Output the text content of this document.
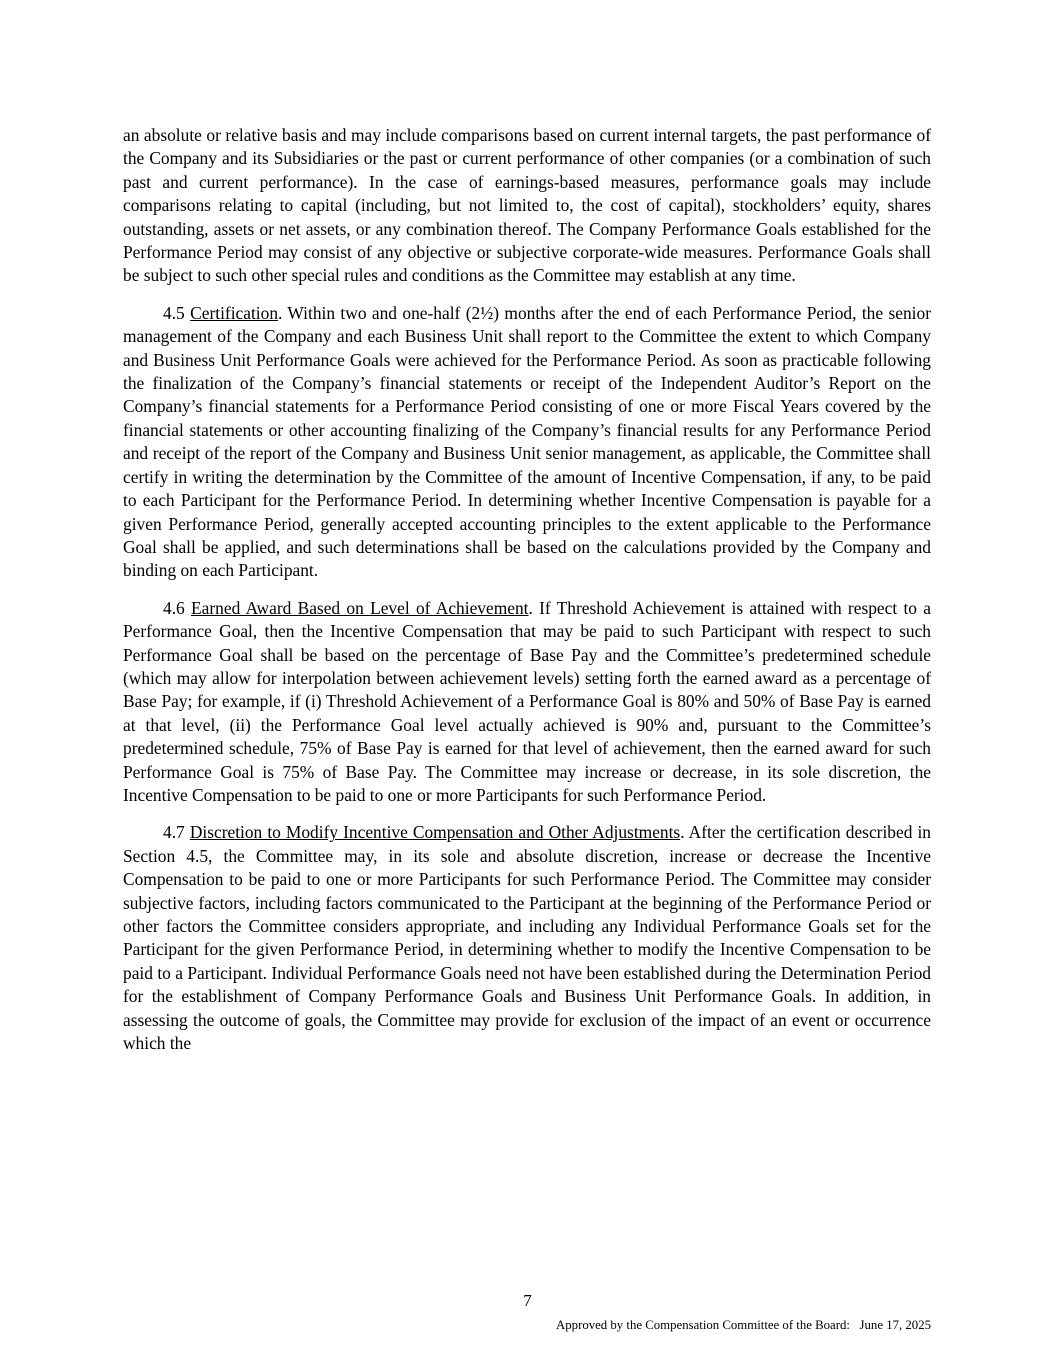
an absolute or relative basis and may include comparisons based on current internal targets, the past performance of the Company and its Subsidiaries or the past or current performance of other companies (or a combination of such past and current performance). In the case of earnings-based measures, performance goals may include comparisons relating to capital (including, but not limited to, the cost of capital), stockholders’ equity, shares outstanding, assets or net assets, or any combination thereof. The Company Performance Goals established for the Performance Period may consist of any objective or subjective corporate-wide measures. Performance Goals shall be subject to such other special rules and conditions as the Committee may establish at any time.

4.5 Certification. Within two and one-half (2½) months after the end of each Performance Period, the senior management of the Company and each Business Unit shall report to the Committee the extent to which Company and Business Unit Performance Goals were achieved for the Performance Period. As soon as practicable following the finalization of the Company’s financial statements or receipt of the Independent Auditor’s Report on the Company’s financial statements for a Performance Period consisting of one or more Fiscal Years covered by the financial statements or other accounting finalizing of the Company’s financial results for any Performance Period and receipt of the report of the Company and Business Unit senior management, as applicable, the Committee shall certify in writing the determination by the Committee of the amount of Incentive Compensation, if any, to be paid to each Participant for the Performance Period. In determining whether Incentive Compensation is payable for a given Performance Period, generally accepted accounting principles to the extent applicable to the Performance Goal shall be applied, and such determinations shall be based on the calculations provided by the Company and binding on each Participant.

4.6 Earned Award Based on Level of Achievement. If Threshold Achievement is attained with respect to a Performance Goal, then the Incentive Compensation that may be paid to such Participant with respect to such Performance Goal shall be based on the percentage of Base Pay and the Committee’s predetermined schedule (which may allow for interpolation between achievement levels) setting forth the earned award as a percentage of Base Pay; for example, if (i) Threshold Achievement of a Performance Goal is 80% and 50% of Base Pay is earned at that level, (ii) the Performance Goal level actually achieved is 90% and, pursuant to the Committee’s predetermined schedule, 75% of Base Pay is earned for that level of achievement, then the earned award for such Performance Goal is 75% of Base Pay. The Committee may increase or decrease, in its sole discretion, the Incentive Compensation to be paid to one or more Participants for such Performance Period.

4.7 Discretion to Modify Incentive Compensation and Other Adjustments. After the certification described in Section 4.5, the Committee may, in its sole and absolute discretion, increase or decrease the Incentive Compensation to be paid to one or more Participants for such Performance Period. The Committee may consider subjective factors, including factors communicated to the Participant at the beginning of the Performance Period or other factors the Committee considers appropriate, and including any Individual Performance Goals set for the Participant for the given Performance Period, in determining whether to modify the Incentive Compensation to be paid to a Participant. Individual Performance Goals need not have been established during the Determination Period for the establishment of Company Performance Goals and Business Unit Performance Goals. In addition, in assessing the outcome of goals, the Committee may provide for exclusion of the impact of an event or occurrence which the

7
Approved by the Compensation Committee of the Board:   June 17, 2025
